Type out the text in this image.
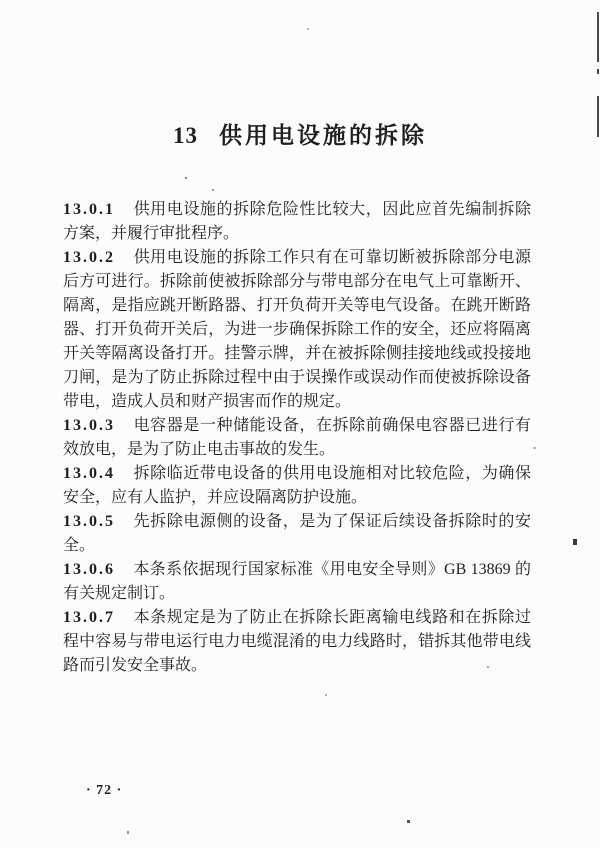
13 供用电设施的拆除

13.0.1 供用电设施的拆除危险性比较大，因此应首先编制拆除方案，并履行审批程序。

13.0.2 供用电设施的拆除工作只有在可靠切断被拆除部分电源后方可进行。拆除前使被拆除部分与带电部分在电气上可靠断开、隔离，是指应跳开断路器、打开负荷开关等电气设备。在跳开断路器、打开负荷开关后，为进一步确保拆除工作的安全，还应将隔离开关等隔离设备打开。挂警示牌，并在被拆除侧挂接地线或投接地刀闸，是为了防止拆除过程中由于误操作或误动作而使被拆除设备带电，造成人员和财产损害而作的规定。

13.0.3 电容器是一种储能设备，在拆除前确保电容器已进行有效放电，是为了防止电击事故的发生。

13.0.4 拆除临近带电设备的供用电设施相对比较危险，为确保安全，应有人监护，并应设隔离防护设施。

13.0.5 先拆除电源侧的设备，是为了保证后续设备拆除时的安全。

13.0.6 本条系依据现行国家标准《用电安全导则》GB 13869 的有关规定制订。

13.0.7 本条规定是为了防止在拆除长距离输电线路和在拆除过程中容易与带电运行电力电缆混淆的电力线路时，错拆其他带电线路而引发安全事故。

· 72 ·
